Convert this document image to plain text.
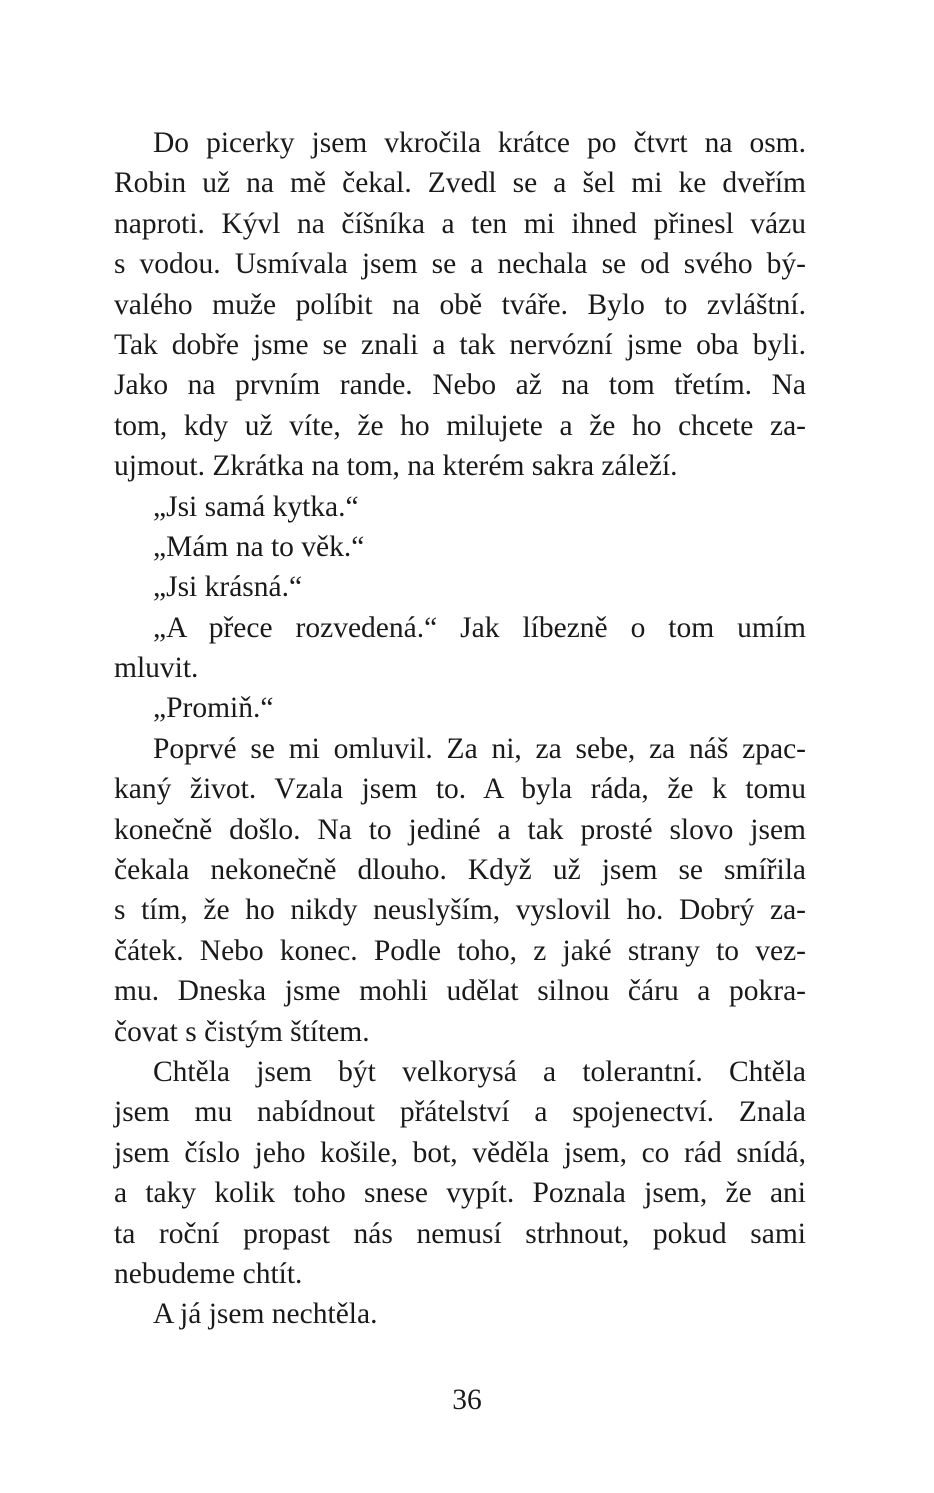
Do picerky jsem vkročila krátce po čtvrt na osm.
Robin už na mě čekal. Zvedl se a šel mi ke dveřím
naproti. Kývl na číšníka a ten mi ihned přinesl vázu
s vodou. Usmívala jsem se a nechala se od svého bý-
valého muže políbit na obě tváře. Bylo to zvláštní.
Tak dobře jsme se znali a tak nervózní jsme oba byli.
Jako na prvním rande. Nebo až na tom třetím. Na
tom, kdy už víte, že ho milujete a že ho chcete za-
ujmout. Zkrátka na tom, na kterém sakra záleží.
„Jsi samá kytka.“
„Mám na to věk.“
„Jsi krásná.“
„A přece rozvedená.“ Jak líbezně o tom umím
mluvit.
„Promiň.“
Poprvé se mi omluvil. Za ni, za sebe, za náš zpac-
kaný život. Vzala jsem to. A byla ráda, že k tomu
konečně došlo. Na to jediné a tak prosté slovo jsem
čekala nekonečně dlouho. Když už jsem se smířila
s tím, že ho nikdy neuslyším, vyslovil ho. Dobrý za-
čátek. Nebo konec. Podle toho, z jaké strany to vez-
mu. Dneska jsme mohli udělat silnou čáru a pokra-
čovat s čistým štítem.
Chtěla jsem být velkorysá a tolerantní. Chtěla
jsem mu nabídnout přátelství a spojenectví. Znala
jsem číslo jeho košile, bot, věděla jsem, co rád snídá,
a taky kolik toho snese vypít. Poznala jsem, že ani
ta roční propast nás nemusí strhnout, pokud sami
nebudeme chtít.
A já jsem nechtěla.
36
